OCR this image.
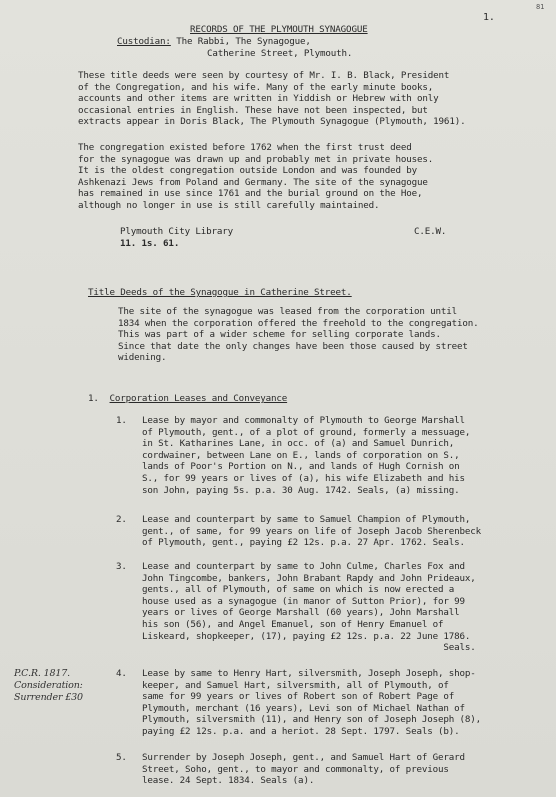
81
1.
RECORDS OF THE PLYMOUTH SYNAGOGUE
Custodian: The Rabbi, The Synagogue,
Catherine Street, Plymouth.
These title deeds were seen by courtesy of Mr. I. B. Black, President
of the Congregation, and his wife. Many of the early minute books,
accounts and other items are written in Yiddish or Hebrew with only
occasional entries in English. These have not been inspected, but
extracts appear in Doris Black, The Plymouth Synagogue (Plymouth, 1961).
The congregation existed before 1762 when the first trust deed
for the synagogue was drawn up and probably met in private houses.
It is the oldest congregation outside London and was founded by
Ashkenazi Jews from Poland and Germany. The site of the synagogue
has remained in use since 1761 and the burial ground on the Hoe,
although no longer in use is still carefully maintained.
Plymouth City Library	C.E.W.
11. 1s. 61.
Title Deeds of the Synagogue in Catherine Street.
The site of the synagogue was leased from the corporation until
1834 when the corporation offered the freehold to the congregation.
This was part of a wider scheme for selling corporate lands.
Since that date the only changes have been those caused by street
widening.
1. Corporation Leases and Conveyance
1. Lease by mayor and commonalty of Plymouth to George Marshall
of Plymouth, gent., of a plot of ground, formerly a messuage,
in St. Katharines Lane, in occ. of (a) and Samuel Dunrich,
cordwainer, between Lane on E., lands of corporation on S.,
lands of Poor's Portion on N., and lands of Hugh Cornish on
S., for 99 years or lives of (a), his wife Elizabeth and his
son John, paying 5s. p.a. 30 Aug. 1742. Seals, (a) missing.
2. Lease and counterpart by same to Samuel Champion of Plymouth,
gent., of same, for 99 years on life of Joseph Jacob Sherenbeck
of Plymouth, gent., paying £2 12s. p.a. 27 Apr. 1762. Seals.
3. Lease and counterpart by same to John Culme, Charles Fox and
John Tingcombe, bankers, John Brabant Rapdy and John Prideaux,
gents., all of Plymouth, of same on which is now erected a
house used as a synagogue (in manor of Sutton Prior), for 99
years or lives of George Marshall (60 years), John Marshall
his son (56), and Angel Emanuel, son of Henry Emanuel of
Liskeard, shopkeeper, (17), paying £2 12s. p.a. 22 June 1786.
Seals.
P.C.R. 1817.
Consideration:
Surrender £30
4. Lease by same to Henry Hart, silversmith, Joseph Joseph, shop-
keeper, and Samuel Hart, silversmith, all of Plymouth, of
same for 99 years or lives of Robert son of Robert Page of
Plymouth, merchant (16 years), Levi son of Michael Nathan of
Plymouth, silversmith (11), and Henry son of Joseph Joseph (8),
paying £2 12s. p.a. and a heriot. 28 Sept. 1797. Seals (b).
5. Surrender by Joseph Joseph, gent., and Samuel Hart of Gerard
Street, Soho, gent., to mayor and commonalty, of previous
lease. 24 Sept. 1834. Seals (a).
